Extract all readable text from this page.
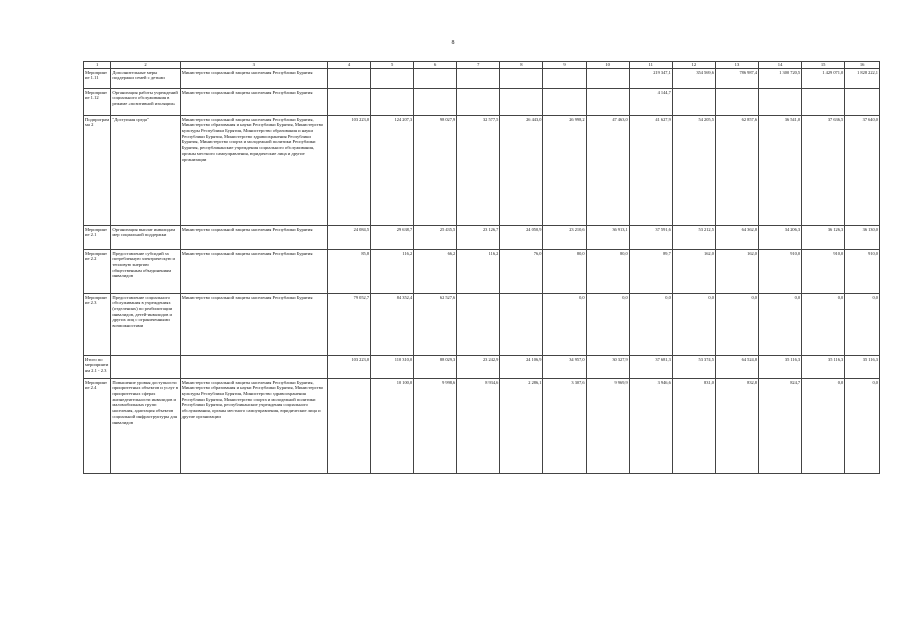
8
1	2	3	4	5	6	7	8	9	10	11	12	13	14	15	16
Мероприятие 1.11	Дополнительные меры поддержки семей с детьми	Министерство социальной защиты населения Республики Бурятия								219 347,1	354 569,6	786 987,4	1 300 720,5	1 429 071,0	1 828 222,1
Мероприятие 1.12	Организация работы учреждений социального обслуживания в режиме «позитивной изоляции»	Министерство социальной защиты населения Республики Бурятия								4 144,7					
Подпрограмма 2	"Доступная среда"	Министерство социальной защиты населения Республики Бурятия, Министерство образования и науки Республики Бурятия, Министерство культуры Республики Бурятия, Министерство образования и науки Республики Бурятия, Министерство здравоохранения Республики Бурятия, Министерство спорта и молодежной политики Республики Бурятия, республиканские учреждения социального обслуживания, органы местного самоуправления, юридические лица и другие организации	103 223,0	124 207,3	98 027,9	32 577,5	26 443,0	26 998,2	47 463,0	41 627,9	54 205,5	62 857,6	36 541,0	37 636,5	37 640,0
Мероприятие 2.1	Организация выплат инвалидам мер социальной поддержки	Министерство социальной защиты населения Республики Бурятия	24 084,5	29 638,7	25 435,5	23 126,7	24 050,9	23 210,6	36 913,1	37 591,6	53 212,5	64 362,8	34 206,3	36 126,3	36 130,0
Мероприятие 2.2	Предоставление субсидий за потребленную электрическую и тепловую энергию общественным объединениям инвалидов	Министерство социальной защиты населения Республики Бурятия	85,8	116,2	66,2	116,2	76,0	80,0	80,0	89,7	162,0	162,0	910,0	910,0	910,0
Мероприятие 2.3	Предоставление социального обслуживания в учреждениях (отделениях) по реабилитации инвалидов, детей-инвалидов и других лиц с ограниченными возможностями	Министерство социальной защиты населения Республики Бурятия	79 052,7	84 352,4	62 527,6			0,0	0,0	0,0	0,0	0,0	0,0	0,0	0,0
Итого по мероприятиям 2.1 - 2.3			103 223,0	110 310,0	88 029,3	23 242,9	24 106,9	34 957,0	30 327,9	37 681,3	53 374,5	64 524,8	35 116,3	35 116,3	35 116,3
Мероприятие 2.4	Повышение уровня доступности приоритетных объектов и услуг в приоритетных сферах жизнедеятельности инвалидов и маломобильных групп населения, адаптация объектов социальной инфраструктуры для инвалидов	Министерство социальной защиты населения Республики Бурятия, Министерство образования и науки Республики Бурятия, Министерство культуры Республики Бурятия, Министерство здравоохранения Республики Бурятия, Министерство спорта и молодежной политики Республики Бурятия, республиканские учреждения социального обслуживания, органы местного самоуправления, юридические лица и другие организации		10 100,0	9 998,6	8 934,6	2 286,1	3 307,6	9 969,9	3 946,6	831,0	832,8	824,7	0,0	0,0
